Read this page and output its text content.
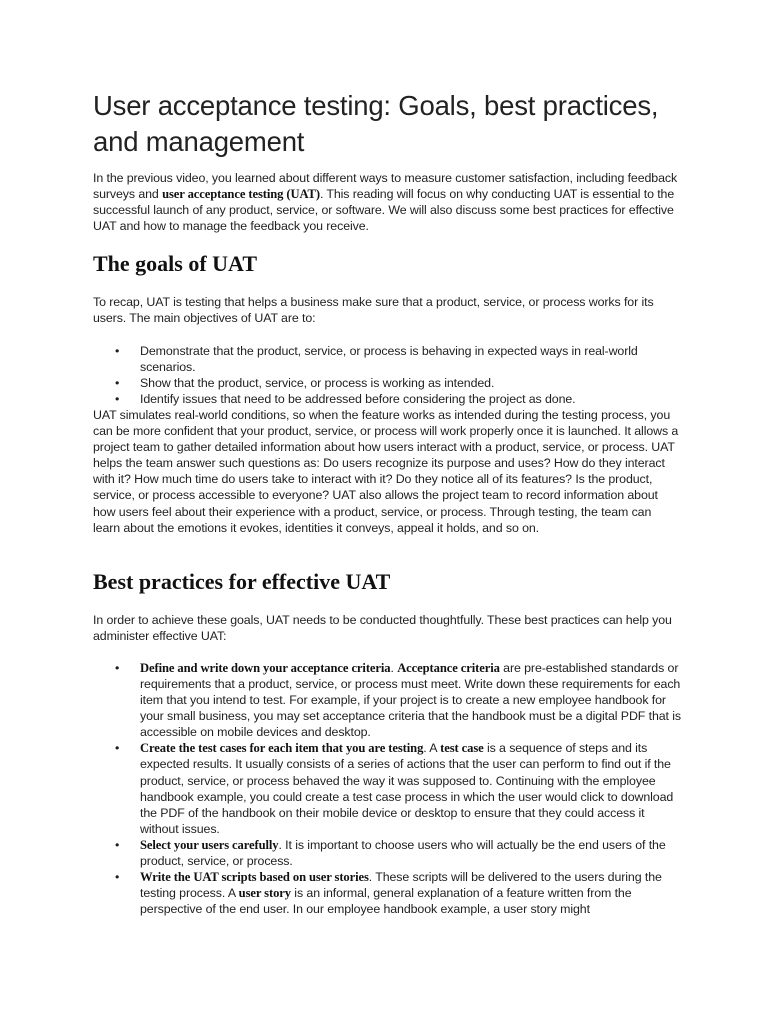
User acceptance testing: Goals, best practices, and management

In the previous video, you learned about different ways to measure customer satisfaction, including feedback surveys and user acceptance testing (UAT). This reading will focus on why conducting UAT is essential to the successful launch of any product, service, or software. We will also discuss some best practices for effective UAT and how to manage the feedback you receive.

The goals of UAT

To recap, UAT is testing that helps a business make sure that a product, service, or process works for its users. The main objectives of UAT are to:

• Demonstrate that the product, service, or process is behaving in expected ways in real-world scenarios.
• Show that the product, service, or process is working as intended.
• Identify issues that need to be addressed before considering the project as done.

UAT simulates real-world conditions, so when the feature works as intended during the testing process, you can be more confident that your product, service, or process will work properly once it is launched. It allows a project team to gather detailed information about how users interact with a product, service, or process. UAT helps the team answer such questions as: Do users recognize its purpose and uses? How do they interact with it? How much time do users take to interact with it? Do they notice all of its features? Is the product, service, or process accessible to everyone? UAT also allows the project team to record information about how users feel about their experience with a product, service, or process. Through testing, the team can learn about the emotions it evokes, identities it conveys, appeal it holds, and so on.

Best practices for effective UAT

In order to achieve these goals, UAT needs to be conducted thoughtfully. These best practices can help you administer effective UAT:

• Define and write down your acceptance criteria. Acceptance criteria are pre-established standards or requirements that a product, service, or process must meet. Write down these requirements for each item that you intend to test. For example, if your project is to create a new employee handbook for your small business, you may set acceptance criteria that the handbook must be a digital PDF that is accessible on mobile devices and desktop.
• Create the test cases for each item that you are testing. A test case is a sequence of steps and its expected results. It usually consists of a series of actions that the user can perform to find out if the product, service, or process behaved the way it was supposed to. Continuing with the employee handbook example, you could create a test case process in which the user would click to download the PDF of the handbook on their mobile device or desktop to ensure that they could access it without issues.
• Select your users carefully. It is important to choose users who will actually be the end users of the product, service, or process.
• Write the UAT scripts based on user stories. These scripts will be delivered to the users during the testing process. A user story is an informal, general explanation of a feature written from the perspective of the end user. In our employee handbook example, a user story might
